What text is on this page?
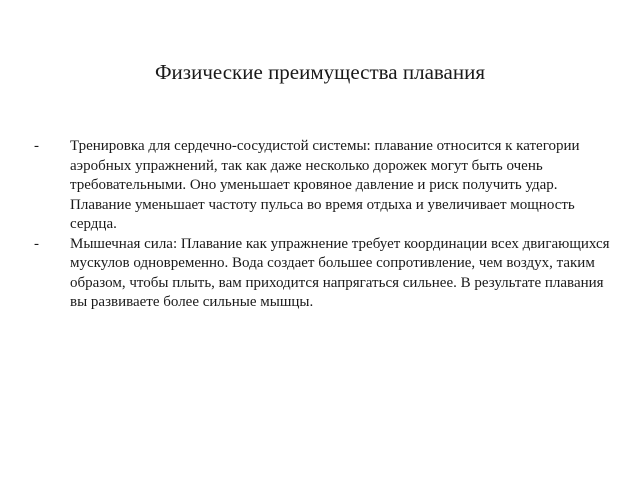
Физические преимущества плавания
-	Тренировка для сердечно-сосудистой системы: плавание относится к категории аэробных упражнений, так как даже несколько дорожек могут быть очень требовательными. Оно уменьшает кровяное давление и риск получить удар. Плавание уменьшает частоту пульса во время отдыха и увеличивает мощность сердца.
-	Мышечная сила: Плавание как упражнение требует координации всех двигающихся мускулов одновременно. Вода создает большее сопротивление, чем воздух, таким образом, чтобы плыть, вам приходится напрягаться сильнее. В результате плавания вы развиваете более сильные мышцы.
